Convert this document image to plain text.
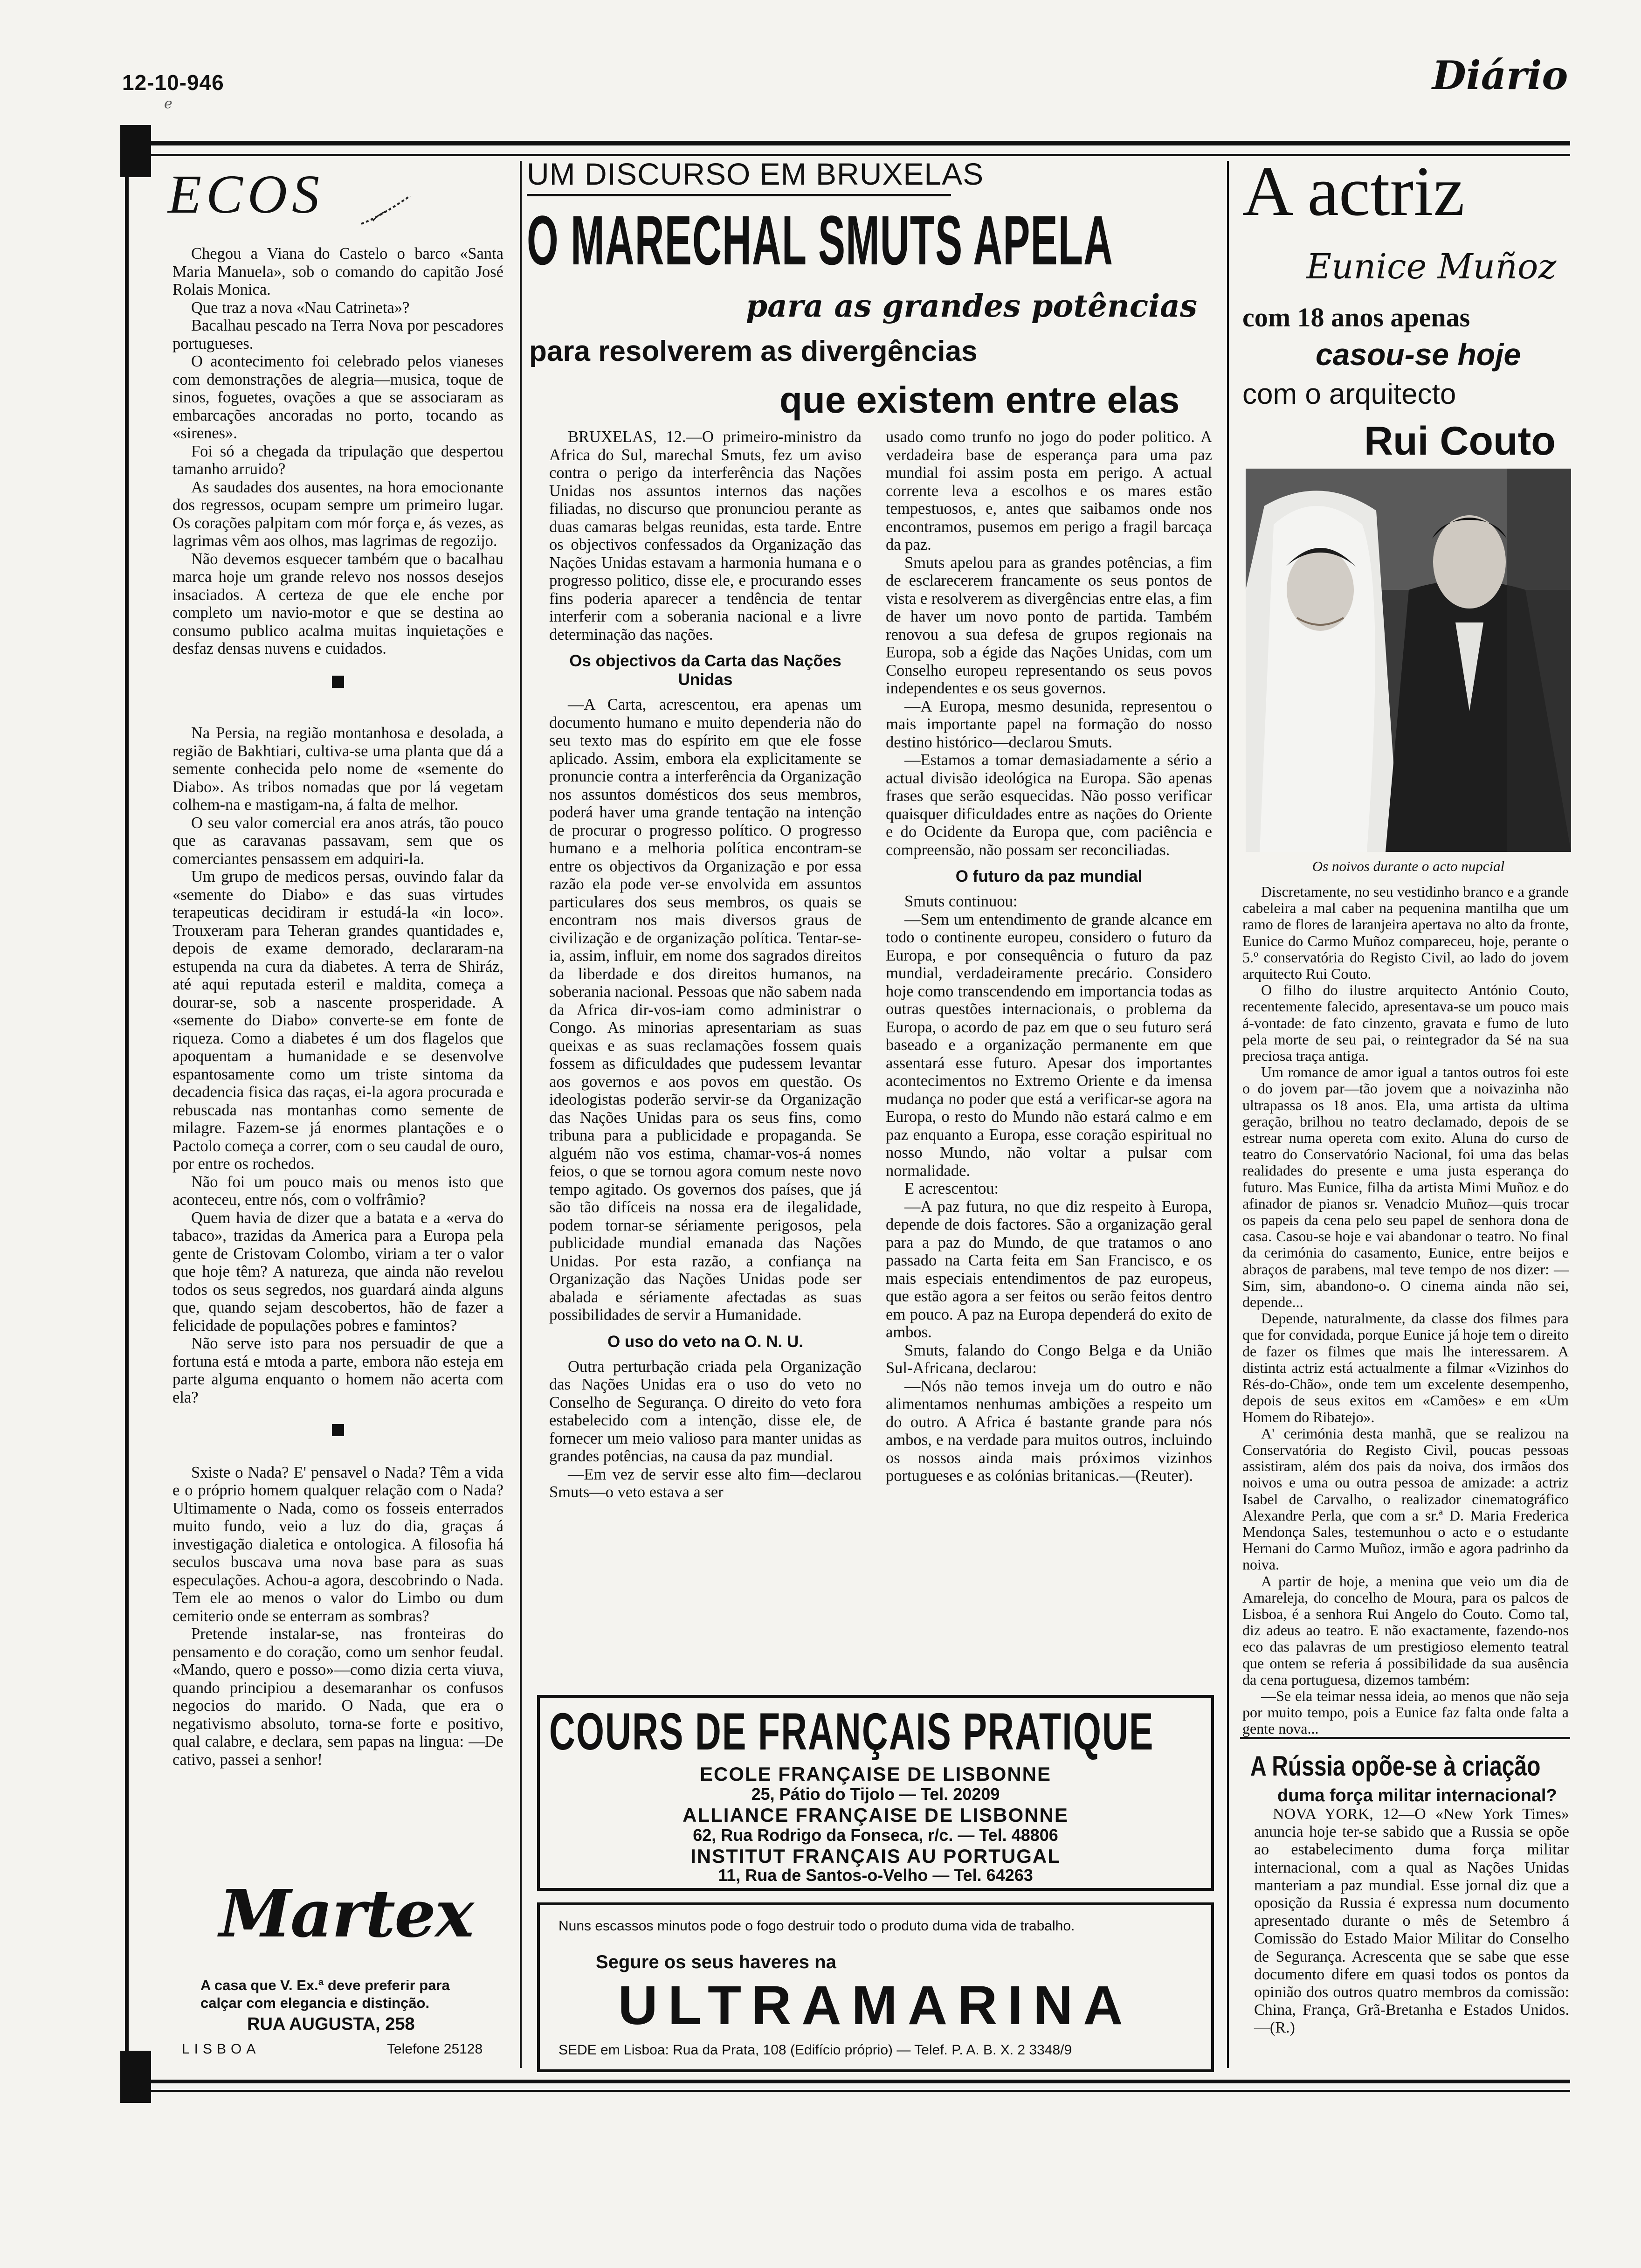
12-10-946	Diário
e
ECOS

Chegou a Viana do Castelo o barco «Santa Maria Manuela», sob o comando do capitão José Rolais Monica.

Que traz a nova «Nau Catrineta»?

Bacalhau pescado na Terra Nova por pescadores portugueses.

O acontecimento foi celebrado pelos vianeses com demonstrações de alegria—musica, toque de sinos, foguetes, ovações a que se associaram as embarcações ancoradas no porto, tocando as «sirenes».

Foi só a chegada da tripulação que despertou tamanho arruido?

As saudades dos ausentes, na hora emocionante dos regressos, ocupam sempre um primeiro lugar. Os corações palpitam com mór força e, ás vezes, as lagrimas vêm aos olhos, mas lagrimas de regozijo.

Não devemos esquecer também que o bacalhau marca hoje um grande relevo nos nossos desejos insaciados. A certeza de que ele enche por completo um navio-motor e que se destina ao consumo publico acalma muitas inquietações e desfaz densas nuvens e cuidados.

Na Persia, na região montanhosa e desolada, a região de Bakhtiari, cultiva-se uma planta que dá a semente conhecida pelo nome de «semente do Diabo». As tribos nomadas que por lá vegetam colhem-na e mastigam-na, á falta de melhor.

O seu valor comercial era anos atrás, tão pouco que as caravanas passavam, sem que os comerciantes pensassem em adquiri-la.

Um grupo de medicos persas, ouvindo falar da «semente do Diabo» e das suas virtudes terapeuticas decidiram ir estudá-la «in loco». Trouxeram para Teheran grandes quantidades e, depois de exame demorado, declararam-na estupenda na cura da diabetes. A terra de Shiráz, até aqui reputada esteril e maldita, começa a dourar-se, sob a nascente prosperidade. A «semente do Diabo» converte-se em fonte de riqueza. Como a diabetes é um dos flagelos que apoquentam a humanidade e se desenvolve espantosamente como um triste sintoma da decadencia fisica das raças, ei-la agora procurada e rebuscada nas montanhas como semente de milagre. Fazem-se já enormes plantações e o Pactolo começa a correr, com o seu caudal de ouro, por entre os rochedos.

Não foi um pouco mais ou menos isto que aconteceu, entre nós, com o volfrâmio?

Quem havia de dizer que a batata e a «erva do tabaco», trazidas da America para a Europa pela gente de Cristovam Colombo, viriam a ter o valor que hoje têm? A natureza, que ainda não revelou todos os seus segredos, nos guardará ainda alguns que, quando sejam descobertos, hão de fazer a felicidade de populações pobres e famintos?

Não serve isto para nos persuadir de que a fortuna está e mtoda a parte, embora não esteja em parte alguma enquanto o homem não acerta com ela?

Sxiste o Nada? E' pensavel o Nada? Têm a vida e o próprio homem qualquer relação com o Nada? Ultimamente o Nada, como os fosseis enterrados muito fundo, veio a luz do dia, graças á investigação dialetica e ontologica. A filosofia há seculos buscava uma nova base para as suas especulações. Achou-a agora, descobrindo o Nada. Tem ele ao menos o valor do Limbo ou dum cemiterio onde se enterram as sombras?

Pretende instalar-se, nas fronteiras do pensamento e do coração, como um senhor feudal. «Mando, quero e posso»—como dizia certa viuva, quando principiou a desemaranhar os confusos negocios do marido. O Nada, que era o negativismo absoluto, torna-se forte e positivo, qual calabre, e declara, sem papas na lingua: —De cativo, passei a senhor!

Martex
A casa que V. Ex.ª deve preferir para
calçar com elegancia e distinção.
RUA AUGUSTA, 258
LISBOA	Telefone 25128
UM DISCURSO EM BRUXELAS
O MARECHAL SMUTS APELA
para as grandes potências
para resolverem as divergências
que existem entre elas

BRUXELAS, 12.—O primeiro-ministro da Africa do Sul, marechal Smuts, fez um aviso contra o perigo da interferência das Nações Unidas nos assuntos internos das nações filiadas, no discurso que pronunciou perante as duas camaras belgas reunidas, esta tarde. Entre os objectivos confessados da Organização das Nações Unidas estavam a harmonia humana e o progresso politico, disse ele, e procurando esses fins poderia aparecer a tendência de tentar interferir com a soberania nacional e a livre determinação das nações.

Os objectivos da Carta das Nações Unidas

—A Carta, acrescentou, era apenas um documento humano e muito dependeria não do seu texto mas do espírito em que ele fosse aplicado. Assim, embora ela explicitamente se pronuncie contra a interferência da Organização nos assuntos domésticos dos seus membros, poderá haver uma grande tentação na intenção de procurar o progresso político. O progresso humano e a melhoria política encontram-se entre os objectivos da Organização e por essa razão ela pode ver-se envolvida em assuntos particulares dos seus membros, os quais se encontram nos mais diversos graus de civilização e de organização política. Tentar-se-ia, assim, influir, em nome dos sagrados direitos da liberdade e dos direitos humanos, na soberania nacional. Pessoas que não sabem nada da Africa dir-vos-iam como administrar o Congo. As minorias apresentariam as suas queixas e as suas reclamações fossem quais fossem as dificuldades que pudessem levantar aos governos e aos povos em questão. Os ideologistas poderão servir-se da Organização das Nações Unidas para os seus fins, como tribuna para a publicidade e propaganda. Se alguém não vos estima, chamar-vos-á nomes feios, o que se tornou agora comum neste novo tempo agitado. Os governos dos países, que já são tão difíceis na nossa era de ilegalidade, podem tornar-se sériamente perigosos, pela publicidade mundial emanada das Nações Unidas. Por esta razão, a confiança na Organização das Nações Unidas pode ser abalada e sériamente afectadas as suas possibilidades de servir a Humanidade.

O uso do veto na O. N. U.

Outra perturbação criada pela Organização das Nações Unidas era o uso do veto no Conselho de Segurança. O direito do veto fora estabelecido com a intenção, disse ele, de fornecer um meio valioso para manter unidas as grandes potências, na causa da paz mundial.

—Em vez de servir esse alto fim—declarou Smuts—o veto estava a ser

usado como trunfo no jogo do poder politico. A verdadeira base de esperança para uma paz mundial foi assim posta em perigo. A actual corrente leva a escolhos e os mares estão tempestuosos, e, antes que saibamos onde nos encontramos, pusemos em perigo a fragil barcaça da paz.

Smuts apelou para as grandes potências, a fim de esclarecerem francamente os seus pontos de vista e resolverem as divergências entre elas, a fim de haver um novo ponto de partida. Também renovou a sua defesa de grupos regionais na Europa, sob a égide das Nações Unidas, com um Conselho europeu representando os seus povos independentes e os seus governos.

—A Europa, mesmo desunida, representou o mais importante papel na formação do nosso destino histórico—declarou Smuts.

—Estamos a tomar demasiadamente a sério a actual divisão ideológica na Europa. São apenas frases que serão esquecidas. Não posso verificar quaisquer dificuldades entre as nações do Oriente e do Ocidente da Europa que, com paciência e compreensão, não possam ser reconciliadas.

O futuro da paz mundial

Smuts continuou:

—Sem um entendimento de grande alcance em todo o continente europeu, considero o futuro da Europa, e por consequência o futuro da paz mundial, verdadeiramente precário. Considero hoje como transcendendo em importancia todas as outras questões internacionais, o problema da Europa, o acordo de paz em que o seu futuro será baseado e a organização permanente em que assentará esse futuro. Apesar dos importantes acontecimentos no Extremo Oriente e da imensa mudança no poder que está a verificar-se agora na Europa, o resto do Mundo não estará calmo e em paz enquanto a Europa, esse coração espiritual no nosso Mundo, não voltar a pulsar com normalidade.

E acrescentou:

—A paz futura, no que diz respeito à Europa, depende de dois factores. São a organização geral para a paz do Mundo, de que tratamos o ano passado na Carta feita em San Francisco, e os mais especiais entendimentos de paz europeus, que estão agora a ser feitos ou serão feitos dentro em pouco. A paz na Europa dependerá do exito de ambos.

Smuts, falando do Congo Belga e da União Sul-Africana, declarou:

—Nós não temos inveja um do outro e não alimentamos nenhumas ambições a respeito um do outro. A Africa é bastante grande para nós ambos, e na verdade para muitos outros, incluindo os nossos ainda mais próximos vizinhos portugueses e as colónias britanicas.—(Reuter).

COURS DE FRANÇAIS PRATIQUE
ECOLE FRANÇAISE DE LISBONNE
25, Pátio do Tijolo — Tel. 20209
ALLIANCE FRANÇAISE DE LISBONNE
62, Rua Rodrigo da Fonseca, r/c. — Tel. 48806
INSTITUT FRANÇAIS AU PORTUGAL
11, Rua de Santos-o-Velho — Tel. 64263
Nuns escassos minutos pode o fogo destruir todo o produto duma vida de trabalho.
Segure os seus haveres na
ULTRAMARINA
SEDE em Lisboa: Rua da Prata, 108 (Edifício próprio) — Telef. P. A. B. X. 2 3348/9
A actriz
Eunice Muñoz
com 18 anos apenas
casou-se hoje
com o arquitecto
Rui Couto
Os noivos durante o acto nupcial

Discretamente, no seu vestidinho branco e a grande cabeleira a mal caber na pequenina mantilha que um ramo de flores de laranjeira apertava no alto da fronte, Eunice do Carmo Muñoz compareceu, hoje, perante o 5.º conservatória do Registo Civil, ao lado do jovem arquitecto Rui Couto.

O filho do ilustre arquitecto António Couto, recentemente falecido, apresentava-se um pouco mais á-vontade: de fato cinzento, gravata e fumo de luto pela morte de seu pai, o reintegrador da Sé na sua preciosa traça antiga.

Um romance de amor igual a tantos outros foi este o do jovem par—tão jovem que a noivazinha não ultrapassa os 18 anos. Ela, uma artista da ultima geração, brilhou no teatro declamado, depois de se estrear numa opereta com exito. Aluna do curso de teatro do Conservatório Nacional, foi uma das belas realidades do presente e uma justa esperança do futuro. Mas Eunice, filha da artista Mimi Muñoz e do afinador de pianos sr. Venadcio Muñoz—quis trocar os papeis da cena pelo seu papel de senhora dona de casa. Casou-se hoje e vai abandonar o teatro. No final da cerimónia do casamento, Eunice, entre beijos e abraços de parabens, mal teve tempo de nos dizer: —Sim, sim, abandono-o. O cinema ainda não sei, depende...

Depende, naturalmente, da classe dos filmes para que for convidada, porque Eunice já hoje tem o direito de fazer os filmes que mais lhe interessarem. A distinta actriz está actualmente a filmar «Vizinhos do Rés-do-Chão», onde tem um excelente desempenho, depois de seus exitos em «Camões» e em «Um Homem do Ribatejo».

A' cerimónia desta manhã, que se realizou na Conservatória do Registo Civil, poucas pessoas assistiram, além dos pais da noiva, dos irmãos dos noivos e uma ou outra pessoa de amizade: a actriz Isabel de Carvalho, o realizador cinematográfico Alexandre Perla, que com a sr.ª D. Maria Frederica Mendonça Sales, testemunhou o acto e o estudante Hernani do Carmo Muñoz, irmão e agora padrinho da noiva.

A partir de hoje, a menina que veio um dia de Amareleja, do concelho de Moura, para os palcos de Lisboa, é a senhora Rui Angelo do Couto. Como tal, diz adeus ao teatro. E não exactamente, fazendo-nos eco das palavras de um prestigioso elemento teatral que ontem se referia á possibilidade da sua ausência da cena portuguesa, dizemos também:

—Se ela teimar nessa ideia, ao menos que não seja por muito tempo, pois a Eunice faz falta onde falta a gente nova...

A Rússia opõe-se à criação
duma força militar internacional?

NOVA YORK, 12—O «New York Times» anuncia hoje ter-se sabido que a Russia se opõe ao estabelecimento duma força militar internacional, com a qual as Nações Unidas manteriam a paz mundial. Esse jornal diz que a oposição da Russia é expressa num documento apresentado durante o mês de Setembro á Comissão do Estado Maior Militar do Conselho de Segurança. Acrescenta que se sabe que esse documento difere em quasi todos os pontos da opinião dos outros quatro membros da comissão: China, França, Grã-Bretanha e Estados Unidos.—(R.)
